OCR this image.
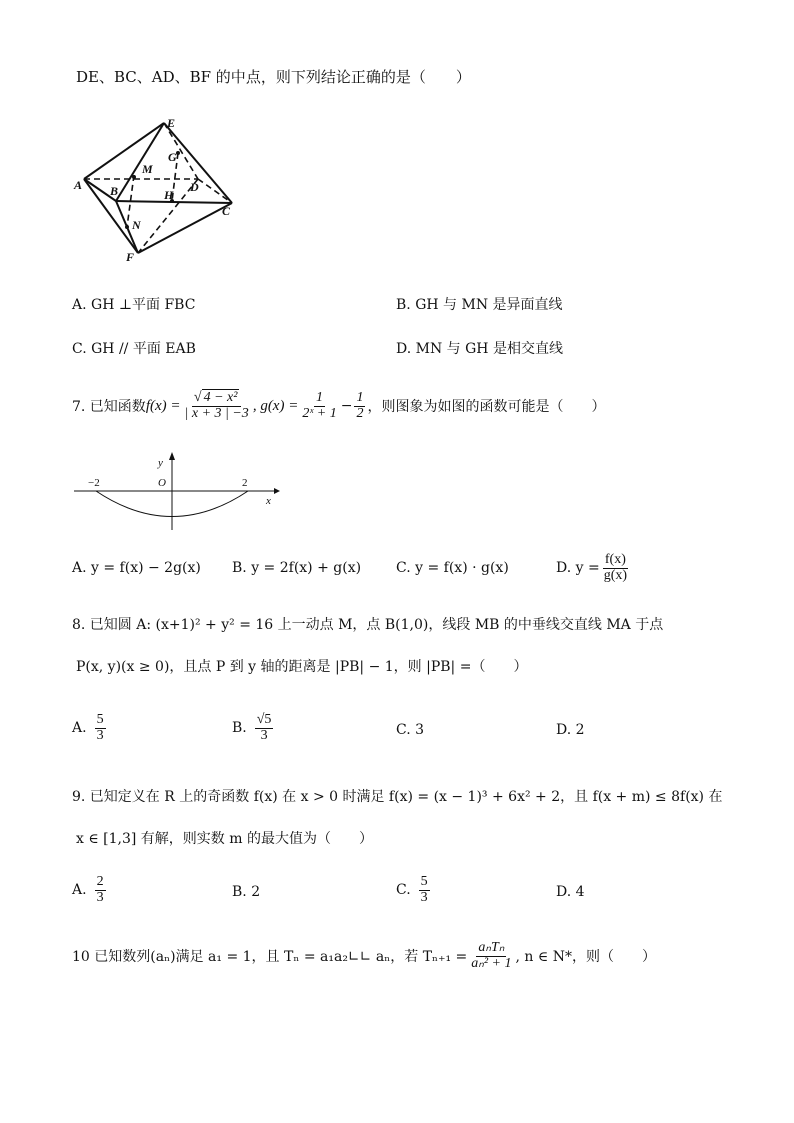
DE、BC、AD、BF 的中点，则下列结论正确的是（　　）
E
G
M
A B	H
D
C
N
F
A. GH ⊥平面 FBC	B. GH 与 MN 是异面直线
C. GH // 平面 EAB	D. MN 与 GH 是相交直线
7. 已知函数 $f(x) = \frac{\text{√ 4 − x²}}{| x + 3 | -3}$ , $g(x) = \frac{1}{\text{2ˣ + 1}} - \frac{1}{2}$ ，则图象为如图的函数可能是（　　）
y
x
O
−2	2
A. y = f(x) − 2g(x) B. y = 2f(x) + g(x) C. y = f(x) · g(x)	D. $y = \frac{f(x)}{g(x)}$
8. 已知圆 A: (x+1)² + y² = 16 上一动点 M，点 B(1,0)，线段 MB 的中垂线交直线 MA 于点
P(x, y)(x ≥ 0)，且点 P 到 y 轴的距离是 |PB| − 1，则 |PB| =（　　）
A. $\frac{5}{3}$	B. $\frac{√5}{3}$	C. 3	D. 2
9. 已知定义在 R 上的奇函数 f(x) 在 x > 0 时满足 f(x) = (x − 1)³ + 6x² + 2，且 f(x + m) ≤ 8f(x) 在
x ∈ [1,3] 有解，则实数 m 的最大值为（　　）
A. $\frac{2}{3}$	B. 2	C. $\frac{5}{3}$	D. 4
10 已知数列(aₙ)满足 a₁ = 1，且 Tₙ = a₁a₂∟∟ aₙ，若 $T_{n+1} = \frac{\text{aₙTₙ}}{\text{aₙ² + 1}}$ , n ∈ N*，则（　　）
